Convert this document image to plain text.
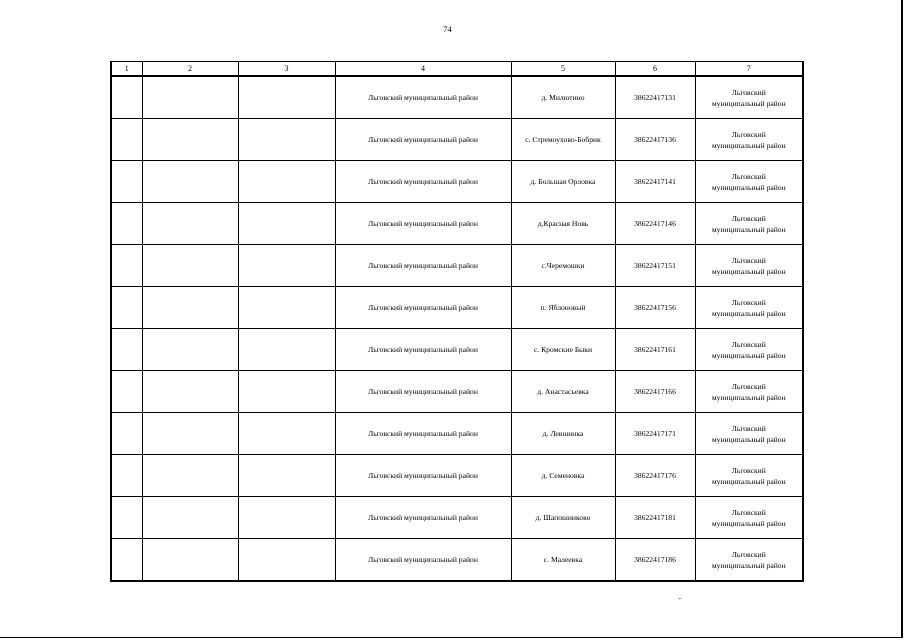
74
1	2	3	4	5	6	7
			Льговский муниципальный район	д. Милютино	38622417131	Льговский
муниципальный район

			Льговский муниципальный район	с. Стремоухово-Бобрик	38622417136	Льговский
муниципальный район

			Льговский муниципальный район	д. Большая Орловка	38622417141	Льговский
муниципальный район

			Льговский муниципальный район	д.Красная Новь	38622417146	Льговский
муниципальный район

			Льговский муниципальный район	с.Черемошки	38622417151	Льговский
муниципальный район

			Льговский муниципальный район	п. Яблоновый	38622417156	Льговский
муниципальный район

			Льговский муниципальный район	с. Кромские Быки	38622417161	Льговский
муниципальный район

			Льговский муниципальный район	д. Анастасьевка	38622417166	Льговский
муниципальный район

			Льговский муниципальный район	д. Левшинка	38622417171	Льговский
муниципальный район

			Льговский муниципальный район	д. Семеновка	38622417176	Льговский
муниципальный район

			Льговский муниципальный район	д. Шапошниково	38622417181	Льговский
муниципальный район

			Льговский муниципальный район	с. Малеевка	38622417186	Льговский
муниципальный район
